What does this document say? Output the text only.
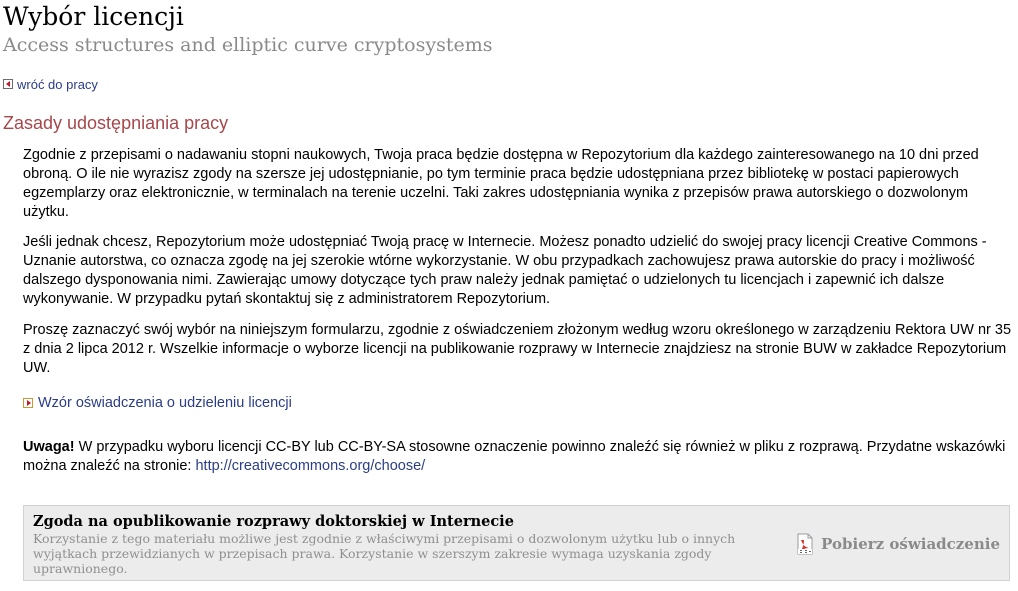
Wybór licencji
Access structures and elliptic curve cryptosystems
wróć do pracy
Zasady udostępniania pracy

Zgodnie z przepisami o nadawaniu stopni naukowych, Twoja praca będzie dostępna w Repozytorium dla każdego zainteresowanego na 10 dni przed obroną. O ile nie wyrazisz zgody na szersze jej udostępnianie, po tym terminie praca będzie udostępniana przez bibliotekę w postaci papierowych egzemplarzy oraz elektronicznie, w terminalach na terenie uczelni. Taki zakres udostępniania wynika z przepisów prawa autorskiego o dozwolonym użytku.

Jeśli jednak chcesz, Repozytorium może udostępniać Twoją pracę w Internecie. Możesz ponadto udzielić do swojej pracy licencji Creative Commons - Uznanie autorstwa, co oznacza zgodę na jej szerokie wtórne wykorzystanie. W obu przypadkach zachowujesz prawa autorskie do pracy i możliwość dalszego dysponowania nimi. Zawierając umowy dotyczące tych praw należy jednak pamiętać o udzielonych tu licencjach i zapewnić ich dalsze wykonywanie. W przypadku pytań skontaktuj się z administratorem Repozytorium.

Proszę zaznaczyć swój wybór na niniejszym formularzu, zgodnie z oświadczeniem złożonym według wzoru określonego w zarządzeniu Rektora UW nr 35 z dnia 2 lipca 2012 r. Wszelkie informacje o wyborze licencji na publikowanie rozprawy w Internecie znajdziesz na stronie BUW w zakładce Repozytorium UW.

Wzór oświadczenia o udzieleniu licencji

Uwaga! W przypadku wyboru licencji CC-BY lub CC-BY-SA stosowne oznaczenie powinno znaleźć się również w pliku z rozprawą. Przydatne wskazówki można znaleźć na stronie: http://creativecommons.org/choose/

Zgoda na opublikowanie rozprawy doktorskiej w Internecie
Korzystanie z tego materiału możliwe jest zgodnie z właściwymi przepisami o dozwolonym użytku lub o innych wyjątkach przewidzianych w przepisach prawa. Korzystanie w szerszym zakresie wymaga uzyskania zgody uprawnionego.
Pobierz oświadczenie
